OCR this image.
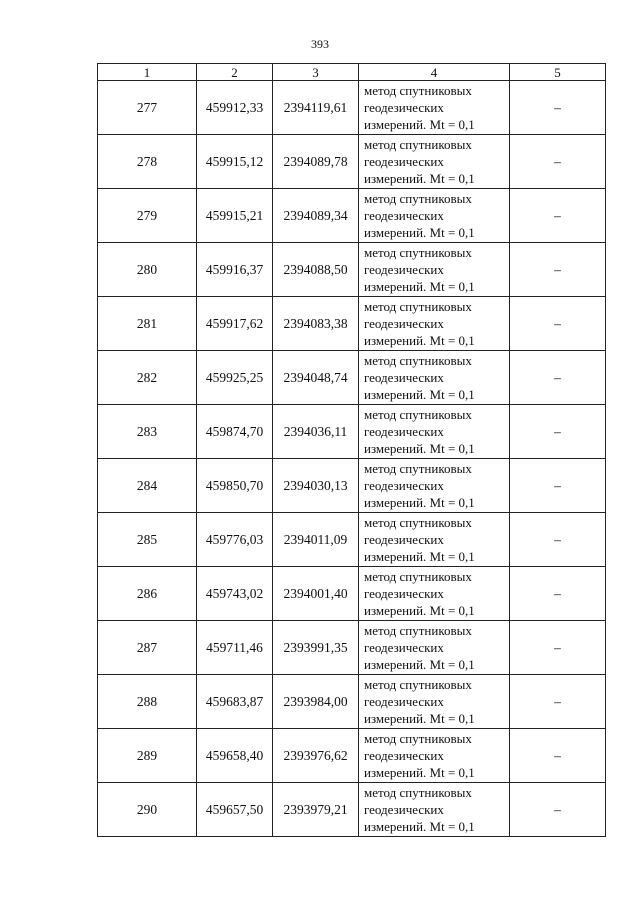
393
1	2	3	4	5
277	459912,33	2394119,61	метод спутниковых
геодезических
измерений. Mt = 0,1	–
278	459915,12	2394089,78	метод спутниковых
геодезических
измерений. Mt = 0,1	–
279	459915,21	2394089,34	метод спутниковых
геодезических
измерений. Mt = 0,1	–
280	459916,37	2394088,50	метод спутниковых
геодезических
измерений. Mt = 0,1	–
281	459917,62	2394083,38	метод спутниковых
геодезических
измерений. Mt = 0,1	–
282	459925,25	2394048,74	метод спутниковых
геодезических
измерений. Mt = 0,1	–
283	459874,70	2394036,11	метод спутниковых
геодезических
измерений. Mt = 0,1	–
284	459850,70	2394030,13	метод спутниковых
геодезических
измерений. Mt = 0,1	–
285	459776,03	2394011,09	метод спутниковых
геодезических
измерений. Mt = 0,1	–
286	459743,02	2394001,40	метод спутниковых
геодезических
измерений. Mt = 0,1	–
287	459711,46	2393991,35	метод спутниковых
геодезических
измерений. Mt = 0,1	–
288	459683,87	2393984,00	метод спутниковых
геодезических
измерений. Mt = 0,1	–
289	459658,40	2393976,62	метод спутниковых
геодезических
измерений. Mt = 0,1	–
290	459657,50	2393979,21	метод спутниковых
геодезических
измерений. Mt = 0,1	–
